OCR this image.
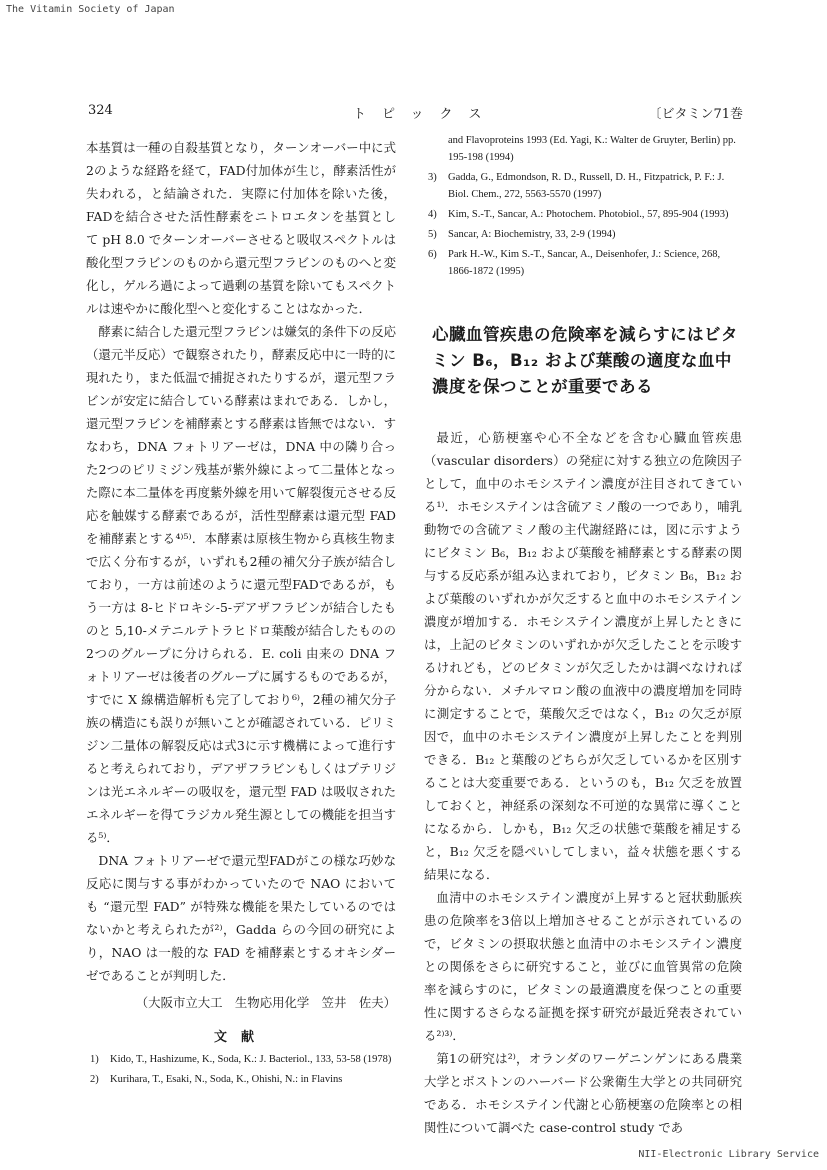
The Vitamin Society of Japan
324	トピックス	〔ビタミン71巻

本基質は一種の自殺基質となり，ターンオーバー中に式2のような経路を経て，FAD付加体が生じ，酵素活性が失われる，と結論された．実際に付加体を除いた後，FADを結合させた活性酵素をニトロエタンを基質として pH 8.0 でターンオーバーさせると吸収スペクトルは酸化型フラビンのものから還元型フラビンのものへと変化し，ゲルろ過によって過剰の基質を除いてもスペクトルは速やかに酸化型へと変化することはなかった．

酵素に結合した還元型フラビンは嫌気的条件下の反応（還元半反応）で観察されたり，酵素反応中に一時的に現れたり，また低温で捕捉されたりするが，還元型フラビンが安定に結合している酵素はまれである．しかし，還元型フラビンを補酵素とする酵素は皆無ではない．すなわち，DNA フォトリアーゼは，DNA 中の隣り合った2つのピリミジン残基が紫外線によって二量体となった際に本二量体を再度紫外線を用いて解裂復元させる反応を触媒する酵素であるが，活性型酵素は還元型 FAD を補酵素とする⁴⁾⁵⁾．本酵素は原核生物から真核生物まで広く分布するが，いずれも2種の補欠分子族が結合しており，一方は前述のように還元型FADであるが，もう一方は 8-ヒドロキシ-5-デアザフラビンが結合したものと 5,10-メテニルテトラヒドロ葉酸が結合したものの2つのグループに分けられる．E. coli 由来の DNA フォトリアーゼは後者のグループに属するものであるが，すでに X 線構造解析も完了しており⁶⁾，2種の補欠分子族の構造にも誤りが無いことが確認されている．ピリミジン二量体の解裂反応は式3に示す機構によって進行すると考えられており，デアザフラビンもしくはプテリジンは光エネルギーの吸収を，還元型 FAD は吸収されたエネルギーを得てラジカル発生源としての機能を担当する⁵⁾．

DNA フォトリアーゼで還元型FADがこの様な巧妙な反応に関与する事がわかっていたので NAO においても “還元型 FAD” が特殊な機能を果たしているのではないかと考えられたが²⁾，Gadda らの今回の研究により，NAO は一般的な FAD を補酵素とするオキシダーゼであることが判明した．

（大阪市立大工　生物応用化学　笠井　佐夫）
文献
1) Kido, T., Hashizume, K., Soda, K.: J. Bacteriol., 133, 53-58 (1978)
2) Kurihara, T., Esaki, N., Soda, K., Ohishi, N.: in Flavins
and Flavoproteins 1993 (Ed. Yagi, K.: Walter de Gruyter, Berlin) pp. 195-198 (1994)
3) Gadda, G., Edmondson, R. D., Russell, D. H., Fitzpatrick, P. F.: J. Biol. Chem., 272, 5563-5570 (1997)
4) Kim, S.-T., Sancar, A.: Photochem. Photobiol., 57, 895-904 (1993)
5) Sancar, A: Biochemistry, 33, 2-9 (1994)
6) Park H.-W., Kim S.-T., Sancar, A., Deisenhofer, J.: Science, 268, 1866-1872 (1995)
心臓血管疾患の危険率を減らすにはビタミン B₆，B₁₂ および葉酸の適度な血中濃度を保つことが重要である

最近，心筋梗塞や心不全などを含む心臓血管疾患（vascular disorders）の発症に対する独立の危険因子として，血中のホモシステイン濃度が注目されてきている¹⁾．ホモシステインは含硫アミノ酸の一つであり，哺乳動物での含硫アミノ酸の主代謝経路には，図に示すようにビタミン B₆，B₁₂ および葉酸を補酵素とする酵素の関与する反応系が組み込まれており，ビタミン B₆，B₁₂ および葉酸のいずれかが欠乏すると血中のホモシステイン濃度が増加する．ホモシステイン濃度が上昇したときには，上記のビタミンのいずれかが欠乏したことを示唆するけれども，どのビタミンが欠乏したかは調べなければ分からない．メチルマロン酸の血液中の濃度増加を同時に測定することで，葉酸欠乏ではなく，B₁₂ の欠乏が原因で，血中のホモシステイン濃度が上昇したことを判別できる．B₁₂ と葉酸のどちらが欠乏しているかを区別することは大変重要である．というのも，B₁₂ 欠乏を放置しておくと，神経系の深刻な不可逆的な異常に導くことになるから．しかも，B₁₂ 欠乏の状態で葉酸を補足すると，B₁₂ 欠乏を隠ぺいしてしまい，益々状態を悪くする結果になる．

血清中のホモシステイン濃度が上昇すると冠状動脈疾患の危険率を3倍以上増加させることが示されているので，ビタミンの摂取状態と血清中のホモシステイン濃度との関係をさらに研究すること，並びに血管異常の危険率を減らすのに，ビタミンの最適濃度を保つことの重要性に関するさらなる証拠を探す研究が最近発表されている²⁾³⁾．

第1の研究は²⁾，オランダのワーゲニンゲンにある農業大学とボストンのハーバード公衆衛生大学との共同研究である．ホモシステイン代謝と心筋梗塞の危険率との相関性について調べた case-control study であ

NII-Electronic Library Service
